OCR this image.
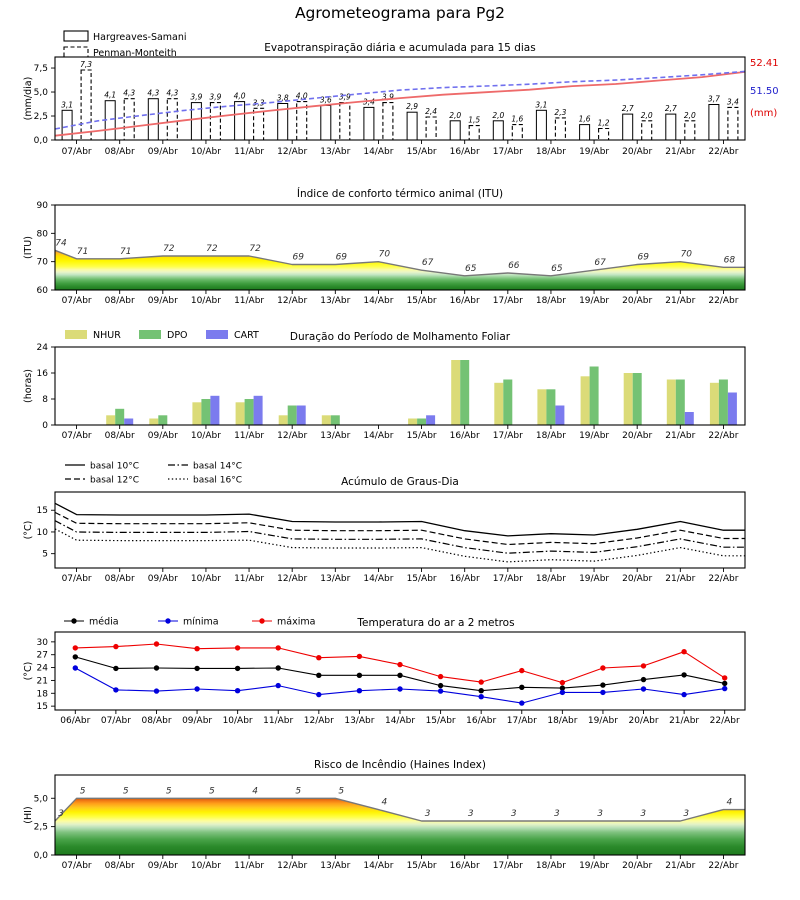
Agrometeograma para Pg2
3,1
4,1	4,3	3,9	4,0	3,8	3,6	3,4
2,9
2,0	2,0
3,1
1,6
2,7	2,7
3,7
7,3
4,3	4,3	3,9
3,3
4,0	3,9	3,9
2,4
1,5	1,6
2,3
1,2
2,0	2,0
3,4
Hargreaves-Samani
Penman-Monteith
52.41
51.50
(mm)
0,0
2,5
5,0
7,5
07/Abr 08/Abr 09/Abr 10/Abr 11/Abr 12/Abr 13/Abr 14/Abr 15/Abr 16/Abr 17/Abr 18/Abr 19/Abr 20/Abr 21/Abr 22/Abr
(mm/dia)
Evapotranspiração diária e acumulada para 15 dias
74
71	71	72	72	72
69	69	70
67
65	66	65
67
69	70
68
60
70
80
90
07/Abr 08/Abr 09/Abr 10/Abr 11/Abr 12/Abr 13/Abr 14/Abr 15/Abr 16/Abr 17/Abr 18/Abr 19/Abr 20/Abr 21/Abr 22/Abr
(ITU)
Índice de conforto térmico animal (ITU)
NHUR	DPO	CART
0
8
16
24
07/Abr 08/Abr 09/Abr 10/Abr 11/Abr 12/Abr 13/Abr 14/Abr 15/Abr 16/Abr 17/Abr 18/Abr 19/Abr 20/Abr 21/Abr 22/Abr
(horas)
Duração do Período de Molhamento Foliar
basal 10°C
basal 12°C
basal 14°C
basal 16°C
5
10
15
07/Abr 08/Abr 09/Abr 10/Abr 11/Abr 12/Abr 13/Abr 14/Abr 15/Abr 16/Abr 17/Abr 18/Abr 19/Abr 20/Abr 21/Abr 22/Abr
(°C)
Acúmulo de Graus-Dia
média	mínima	máxima
15
18
21
24
27
30
06/Abr 07/Abr 08/Abr 09/Abr 10/Abr 11/Abr 12/Abr 13/Abr 14/Abr 15/Abr 16/Abr 17/Abr 18/Abr 19/Abr 20/Abr 21/Abr 22/Abr
(°C)
Temperatura do ar a 2 metros
3
5	5	5	5	4	5	5
4
3	3	3	3	3	3	3
4
0,0
2,5
5,0
07/Abr 08/Abr 09/Abr 10/Abr 11/Abr 12/Abr 13/Abr 14/Abr 15/Abr 16/Abr 17/Abr 18/Abr 19/Abr 20/Abr 21/Abr 22/Abr
(HI)
Risco de Incêndio (Haines Index)
